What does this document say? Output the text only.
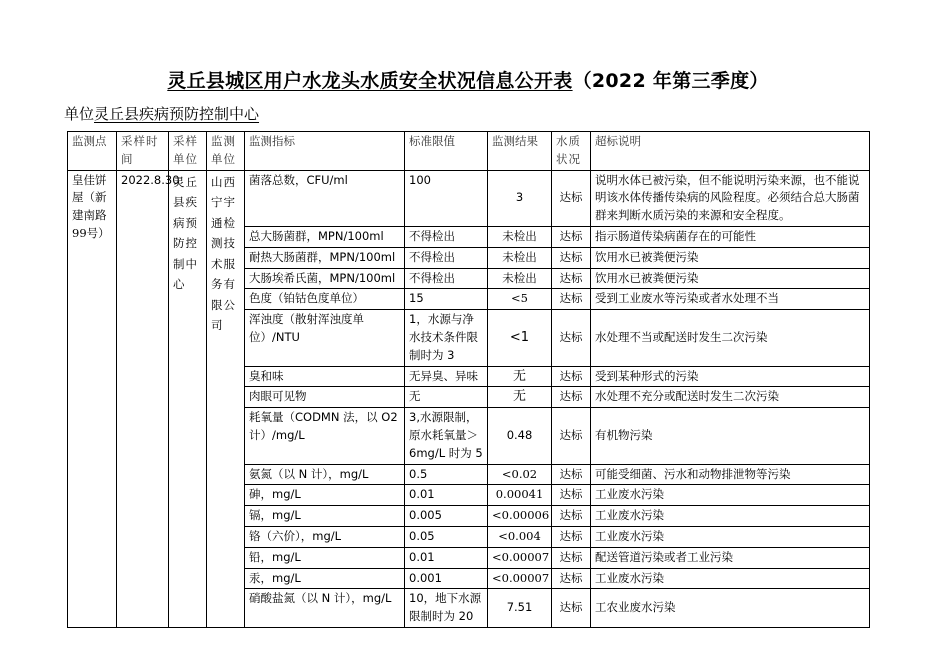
灵丘县城区用户水龙头水质安全状况信息公开表（2022 年第三季度）
单位灵丘县疾病预防控制中心
监测点	采样时间	采样单位	监测单位	监测指标	标准限值	监测结果	水质状况	超标说明
皇佳饼屋（新建南路99号）	2022.8.30	灵丘县疾病预防控制中心	山西宁宇通检测技术服务有限公司	菌落总数，CFU/ml	100	3	达标	说明水体已被污染，但不能说明污染来源，也不能说明该水体传播传染病的风险程度。必须结合总大肠菌群来判断水质污染的来源和安全程度。
				总大肠菌群，MPN/100ml	不得检出	未检出	达标	指示肠道传染病菌存在的可能性
				耐热大肠菌群，MPN/100ml	不得检出	未检出	达标	饮用水已被粪便污染
				大肠埃希氏菌，MPN/100ml	不得检出	未检出	达标	饮用水已被粪便污染
				色度（铂钴色度单位）	15	<5	达标	受到工业废水等污染或者水处理不当
				浑浊度（散射浑浊度单位）/NTU	1，水源与净水技术条件限制时为 3	<1	达标	水处理不当或配送时发生二次污染
				臭和味	无异臭、异味	无	达标	受到某种形式的污染
				肉眼可见物	无	无	达标	水处理不充分或配送时发生二次污染
				耗氧量（CODMN 法，以 O2 计）/mg/L	3,水源限制，原水耗氧量＞6mg/L 时为 5	0.48	达标	有机物污染
				氨氮（以 N 计），mg/L	0.5	<0.02	达标	可能受细菌、污水和动物排泄物等污染
				砷，mg/L	0.01	0.00041	达标	工业废水污染
				镉，mg/L	0.005	<0.00006	达标	工业废水污染
				铬（六价），mg/L	0.05	<0.004	达标	工业废水污染
				铅，mg/L	0.01	<0.00007	达标	配送管道污染或者工业污染
				汞，mg/L	0.001	<0.00007	达标	工业废水污染
				硝酸盐氮（以 N 计），mg/L	10，地下水源限制时为 20	7.51	达标	工农业废水污染
